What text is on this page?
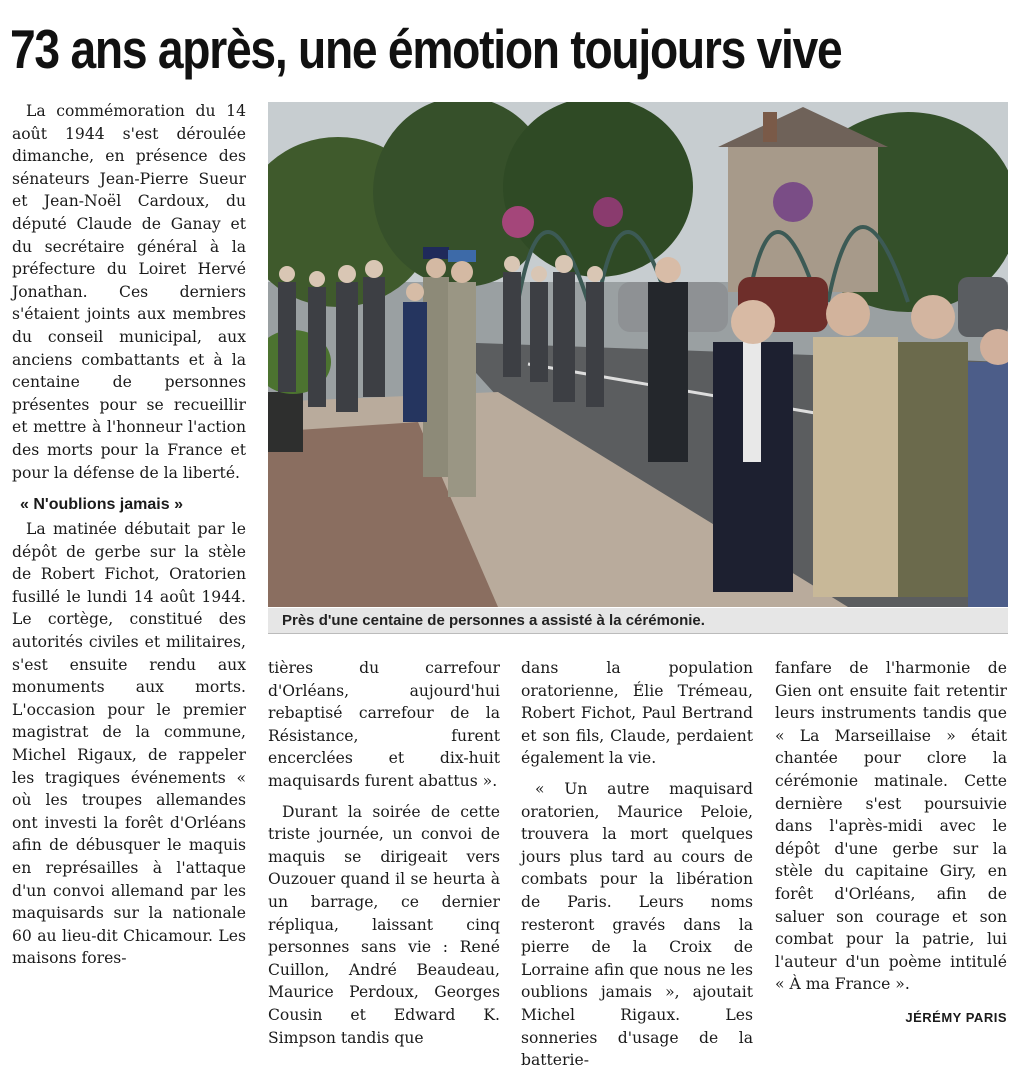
73 ans après, une émotion toujours vive

La commémoration du 14 août 1944 s'est déroulée dimanche, en présence des sénateurs Jean-Pierre Sueur et Jean-Noël Cardoux, du député Claude de Ganay et du secrétaire général à la préfecture du Loiret Hervé Jonathan. Ces derniers s'étaient joints aux membres du conseil municipal, aux anciens combattants et à la centaine de personnes présentes pour se recueillir et mettre à l'honneur l'action des morts pour la France et pour la défense de la liberté.

« N'oublions jamais »

La matinée débutait par le dépôt de gerbe sur la stèle de Robert Fichot, Oratorien fusillé le lundi 14 août 1944. Le cortège, constitué des autorités civiles et militaires, s'est ensuite rendu aux monuments aux morts. L'occasion pour le premier magistrat de la commune, Michel Rigaux, de rappeler les tragiques événements « où les troupes allemandes ont investi la forêt d'Orléans afin de débusquer le maquis en représailles à l'attaque d'un convoi allemand par les maquisards sur la nationale 60 au lieu-dit Chicamour. Les maisons fores-

Près d'une centaine de personnes a assisté à la cérémonie.

tières du carrefour d'Orléans, aujourd'hui rebaptisé carrefour de la Résistance, furent encerclées et dix-huit maquisards furent abattus ».

Durant la soirée de cette triste journée, un convoi de maquis se dirigeait vers Ouzouer quand il se heurta à un barrage, ce dernier répliqua, laissant cinq personnes sans vie : René Cuillon, André Beaudeau, Maurice Perdoux, Georges Cousin et Edward K. Simpson tandis que

dans la population oratorienne, Élie Trémeau, Robert Fichot, Paul Bertrand et son fils, Claude, perdaient également la vie.

« Un autre maquisard oratorien, Maurice Peloie, trouvera la mort quelques jours plus tard au cours de combats pour la libération de Paris. Leurs noms resteront gravés dans la pierre de la Croix de Lorraine afin que nous ne les oublions jamais », ajoutait Michel Rigaux. Les sonneries d'usage de la batterie-

fanfare de l'harmonie de Gien ont ensuite fait retentir leurs instruments tandis que « La Marseillaise » était chantée pour clore la cérémonie matinale. Cette dernière s'est poursuivie dans l'après-midi avec le dépôt d'une gerbe sur la stèle du capitaine Giry, en forêt d'Orléans, afin de saluer son courage et son combat pour la patrie, lui l'auteur d'un poème intitulé « À ma France ».

JÉRÉMY PARIS
